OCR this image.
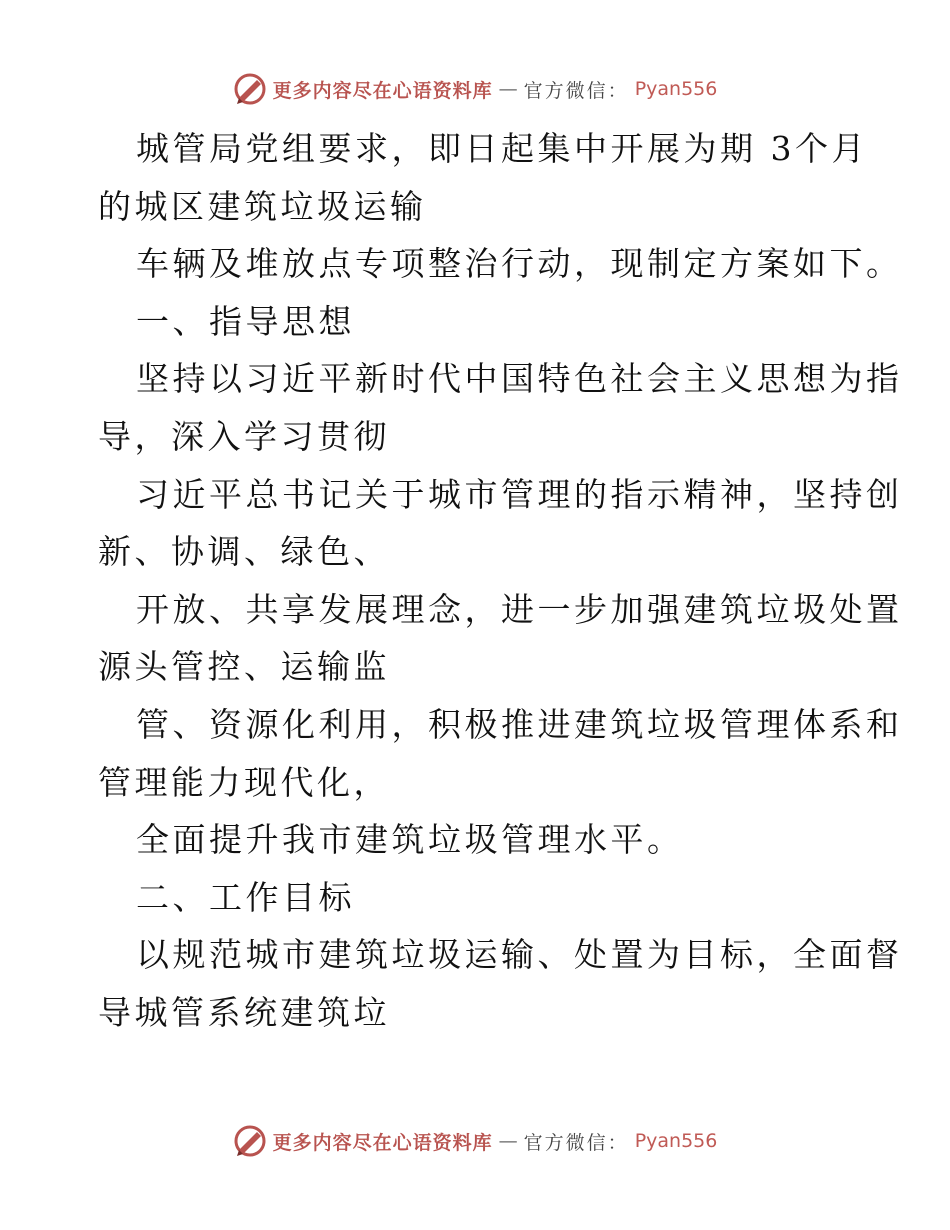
更多内容尽在心语资料库 — 官方微信： Pyan556
城管局党组要求，即日起集中开展为期 3个月
的城区建筑垃圾运输
车辆及堆放点专项整治行动，现制定方案如下。
一、指导思想
坚持以习近平新时代中国特色社会主义思想为指
导，深入学习贯彻
习近平总书记关于城市管理的指示精神，坚持创
新、协调、绿色、
开放、共享发展理念，进一步加强建筑垃圾处置
源头管控、运输监
管、资源化利用，积极推进建筑垃圾管理体系和
管理能力现代化，
全面提升我市建筑垃圾管理水平。
二、工作目标
以规范城市建筑垃圾运输、处置为目标，全面督
导城管系统建筑垃
更多内容尽在心语资料库 — 官方微信： Pyan556
